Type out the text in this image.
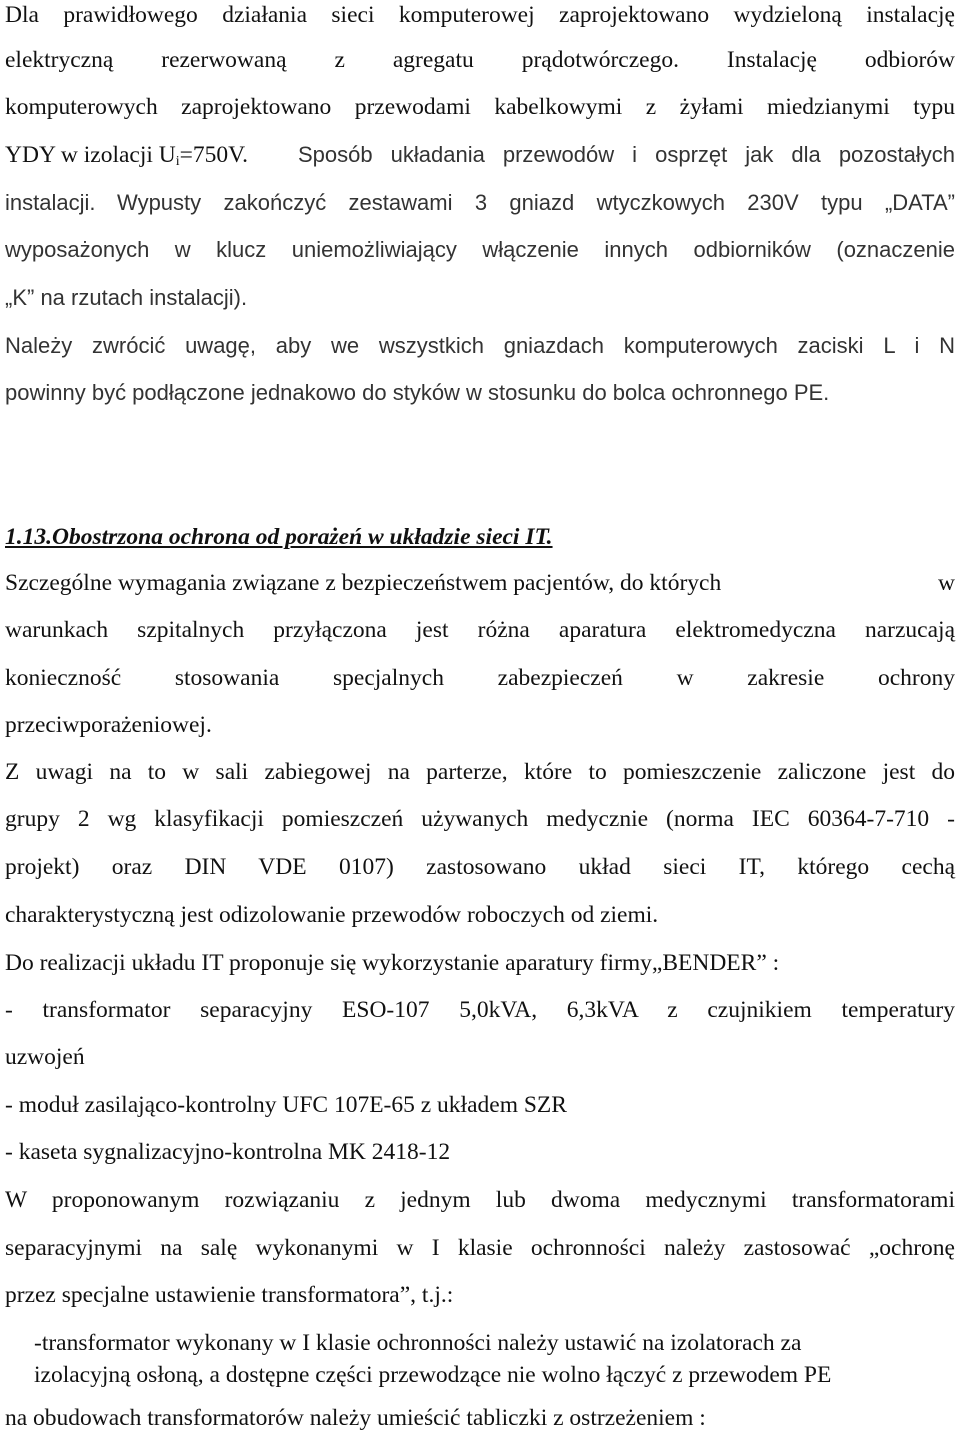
Dla prawidłowego działania sieci komputerowej zaprojektowano wydzieloną instalację
elektryczną rezerwowaną z agregatu prądotwórczego. Instalację odbiorów
komputerowych zaprojektowano przewodami kabelkowymi z żyłami miedzianymi typu
YDY w izolacji Ui=750V. Sposób układania przewodów i osprzęt jak dla pozostałych
instalacji. Wypusty zakończyć zestawami 3 gniazd wtyczkowych 230V typu „DATA”
wyposażonych w klucz uniemożliwiający włączenie innych odbiorników (oznaczenie
„K” na rzutach instalacji).
Należy zwrócić uwagę, aby we wszystkich gniazdach komputerowych zaciski L i N
powinny być podłączone jednakowo do styków w stosunku do bolca ochronnego PE.
1.13.Obostrzona ochrona od porażeń w układzie sieci IT.
Szczególne wymagania związane z bezpieczeństwem pacjentów, do których	w
warunkach szpitalnych przyłączona jest różna aparatura elektromedyczna narzucają
konieczność stosowania specjalnych zabezpieczeń w zakresie ochrony
przeciwporażeniowej.
Z uwagi na to w sali zabiegowej na parterze, które to pomieszczenie zaliczone jest do
grupy 2 wg klasyfikacji pomieszczeń używanych medycznie (norma IEC 60364-7-710 -
projekt) oraz DIN VDE 0107) zastosowano układ sieci IT, którego cechą
charakterystyczną jest odizolowanie przewodów roboczych od ziemi.
Do realizacji układu IT proponuje się wykorzystanie aparatury firmy„BENDER” :
- transformator separacyjny ESO-107 5,0kVA, 6,3kVA z czujnikiem temperatury
uzwojeń
- moduł zasilająco-kontrolny UFC 107E-65 z układem SZR
- kaseta sygnalizacyjno-kontrolna MK 2418-12
W proponowanym rozwiązaniu z jednym lub dwoma medycznymi transformatorami
separacyjnymi na salę wykonanymi w I klasie ochronności należy zastosować „ochronę
przez specjalne ustawienie transformatora”, t.j.:
-transformator wykonany w I klasie ochronności należy ustawić na izolatorach za
izolacyjną osłoną, a dostępne części przewodzące nie wolno łączyć z przewodem PE
na obudowach transformatorów należy umieścić tabliczki z ostrzeżeniem :
